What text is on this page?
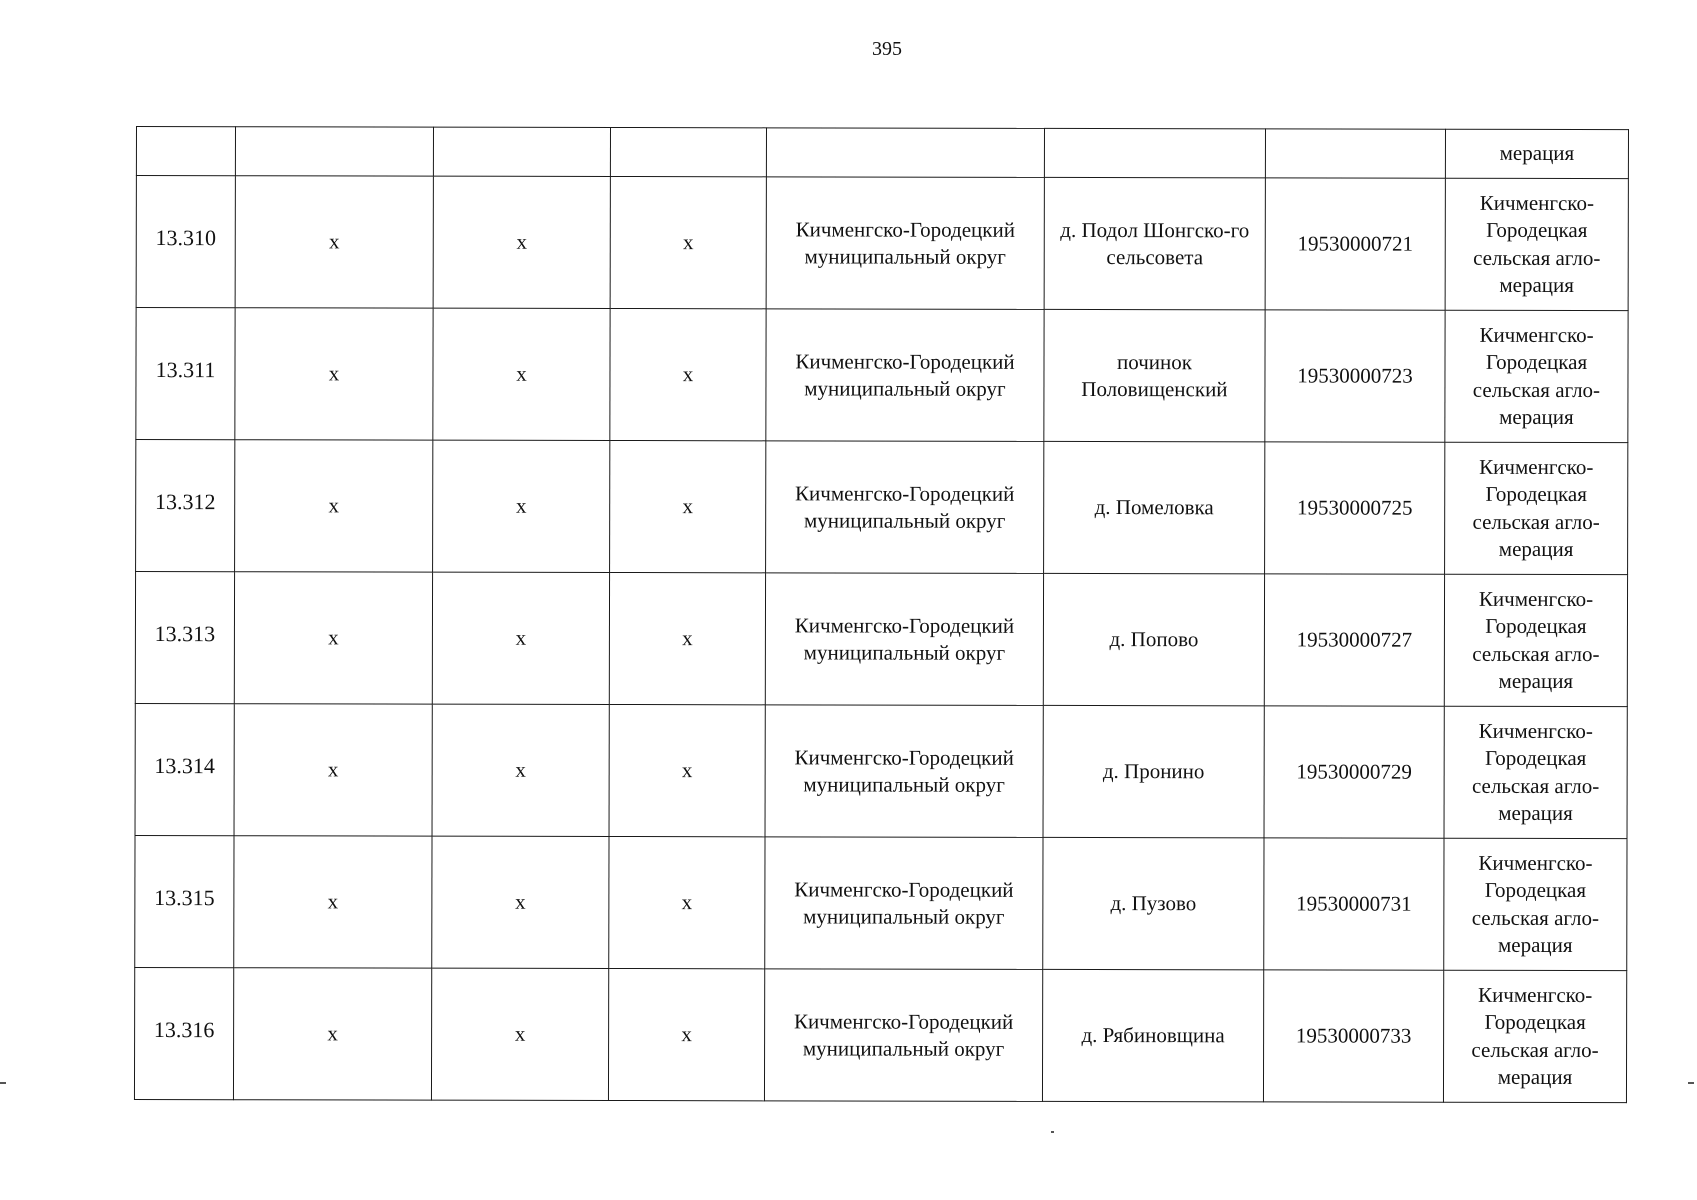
395
							мерация
13.310	x	x	x	Кичменгско-Городецкий муниципальный округ	д. Подол Шонгско-го сельсовета	19530000721	Кичменгско-Городецкая сельская агло-мерация
13.311	x	x	x	Кичменгско-Городецкий муниципальный округ	починок Половищенский	19530000723	Кичменгско-Городецкая сельская агло-мерация
13.312	x	x	x	Кичменгско-Городецкий муниципальный округ	д. Помеловка	19530000725	Кичменгско-Городецкая сельская агло-мерация
13.313	x	x	x	Кичменгско-Городецкий муниципальный округ	д. Попово	19530000727	Кичменгско-Городецкая сельская агло-мерация
13.314	x	x	x	Кичменгско-Городецкий муниципальный округ	д. Пронино	19530000729	Кичменгско-Городецкая сельская агло-мерация
13.315	x	x	x	Кичменгско-Городецкий муниципальный округ	д. Пузово	19530000731	Кичменгско-Городецкая сельская агло-мерация
13.316	x	x	x	Кичменгско-Городецкий муниципальный округ	д. Рябиновщина	19530000733	Кичменгско-Городецкая сельская агло-мерация
